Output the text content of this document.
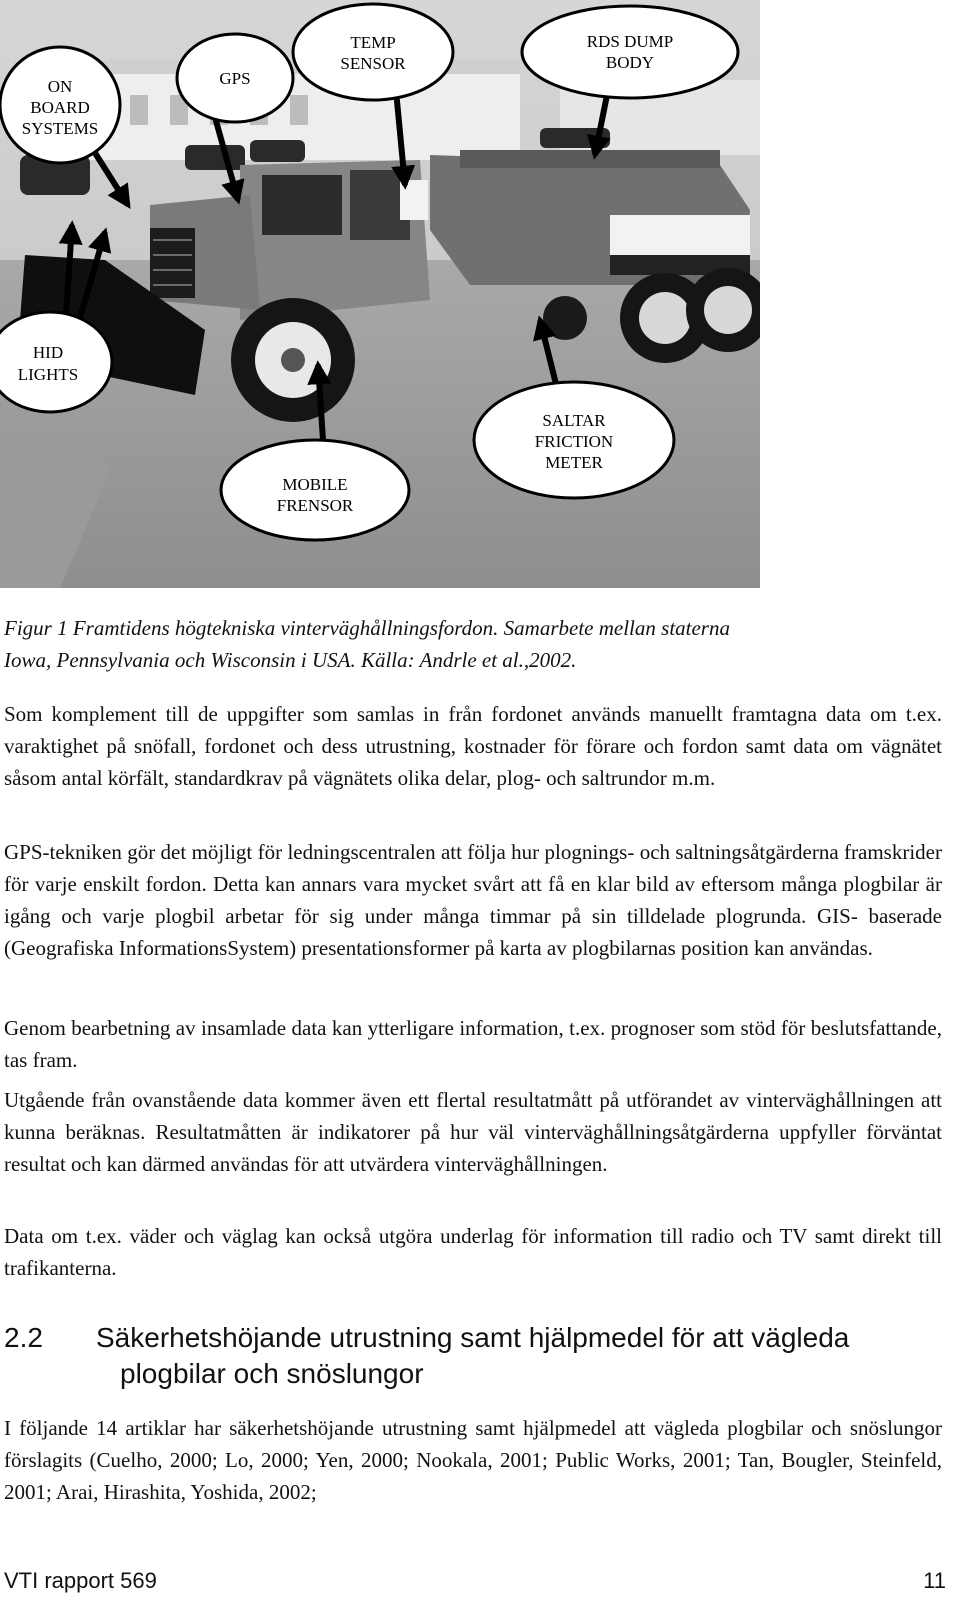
ON
BOARD
SYSTEMS
GPS
TEMP
SENSOR
RDS DUMP
BODY
HID
LIGHTS
SALTAR
FRICTION
METER
MOBILE
FRENSOR

Figur 1 Framtidens högtekniska vinterväghållningsfordon. Samarbete mellan staterna

Iowa, Pennsylvania och Wisconsin i USA. Källa: Andrle et al.,2002.

Som komplement till de uppgifter som samlas in från fordonet används manuellt framtagna data om t.ex. varaktighet på snöfall, fordonet och dess utrustning, kostnader för förare och fordon samt data om vägnätet såsom antal körfält, standardkrav på vägnätets olika delar, plog- och saltrundor m.m.

GPS-tekniken gör det möjligt för ledningscentralen att följa hur plognings- och saltningsåtgärderna framskrider för varje enskilt fordon. Detta kan annars vara mycket svårt att få en klar bild av eftersom många plogbilar är igång och varje plogbil arbetar för sig under många timmar på sin tilldelade plogrunda. GIS- baserade (Geografiska InformationsSystem) presentationsformer på karta av plogbilarnas position kan användas.

Genom bearbetning av insamlade data kan ytterligare information, t.ex. prognoser som stöd för beslutsfattande, tas fram.

Utgående från ovanstående data kommer även ett flertal resultatmått på utförandet av vinterväghållningen att kunna beräknas. Resultatmåtten är indikatorer på hur väl vinterväghållningsåtgärderna uppfyller förväntat resultat och kan därmed användas för att utvärdera vinterväghållningen.

Data om t.ex. väder och väglag kan också utgöra underlag för information till radio och TV samt direkt till trafikanterna.

2.2 Säkerhetshöjande utrustning samt hjälpmedel för att vägleda
plogbilar och snöslungor

I följande 14 artiklar har säkerhetshöjande utrustning samt hjälpmedel att vägleda plogbilar och snöslungor förslagits (Cuelho, 2000; Lo, 2000; Yen, 2000; Nookala, 2001; Public Works, 2001; Tan, Bougler, Steinfeld, 2001; Arai, Hirashita, Yoshida, 2002;

VTI rapport 569	11
